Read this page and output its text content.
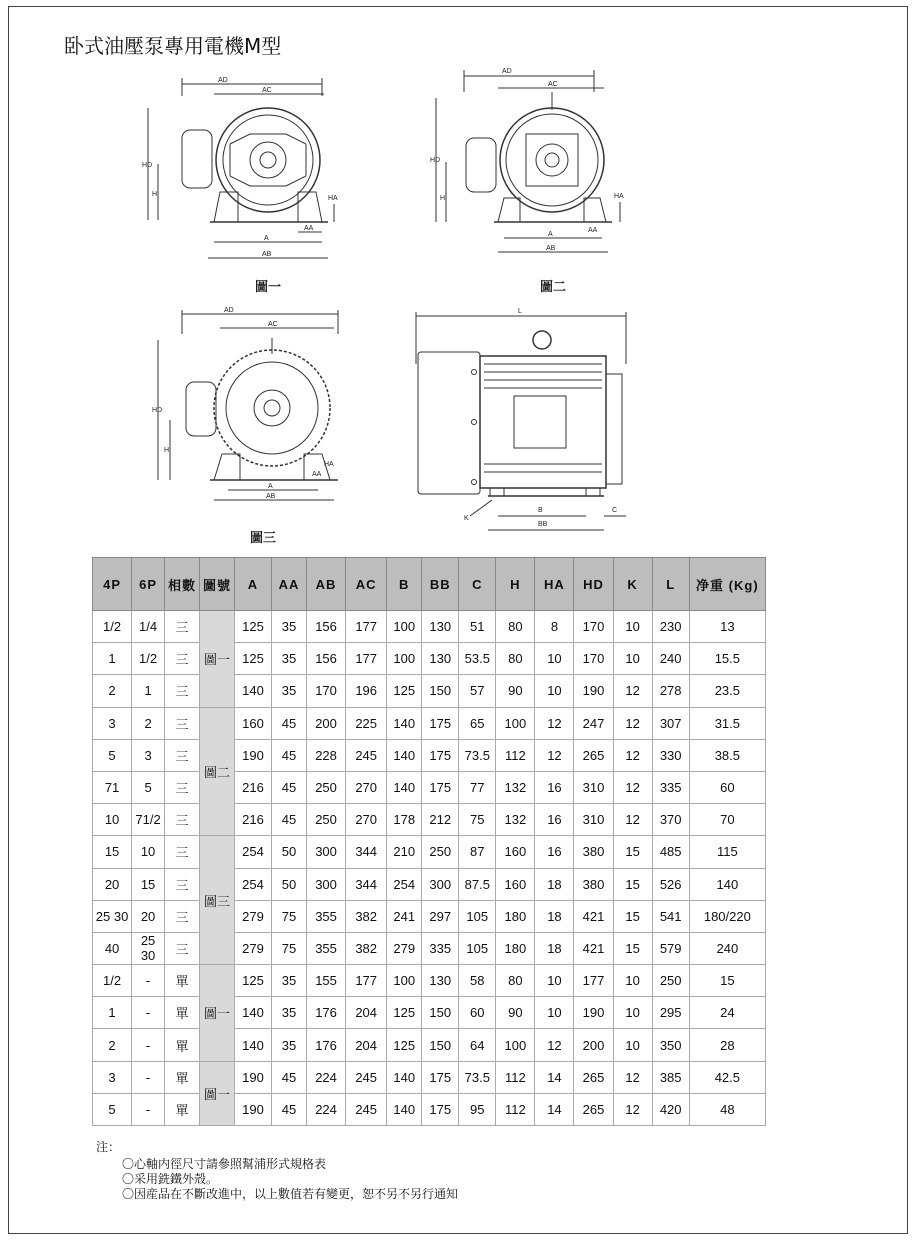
卧式油壓泵專用電機M型
AD
AC
HD
H
A
AB
AA
HA
圖一
AD
AC
HD
H
A
AB
AA
HA
圖二
AD
AC
HD
H
A
AB
AA
HA
圖三
L
B
BB
C
K
4P	6P	相數	圖號	A	AA	AB	AC	B	BB	C	H	HA	HD	K	L	净重 (Kg)
1/2	1/4	三	圖一	125	35	156	177	100	130	51	80	8	170	10	230	13
1	1/2	三		125	35	156	177	100	130	53.5	80	10	170	10	240	15.5
2	1	三		140	35	170	196	125	150	57	90	10	190	12	278	23.5
3	2	三	圖二	160	45	200	225	140	175	65	100	12	247	12	307	31.5
5	3	三		190	45	228	245	140	175	73.5	112	12	265	12	330	38.5
71	5	三		216	45	250	270	140	175	77	132	16	310	12	335	60
10	71/2	三		216	45	250	270	178	212	75	132	16	310	12	370	70
15	10	三	圖三	254	50	300	344	210	250	87	160	16	380	15	485	115
20	15	三		254	50	300	344	254	300	87.5	160	18	380	15	526	140
25 30	20	三		279	75	355	382	241	297	105	180	18	421	15	541	180/220
40	25 30	三		279	75	355	382	279	335	105	180	18	421	15	579	240
1/2	-	單	圖一	125	35	155	177	100	130	58	80	10	177	10	250	15
1	-	單		140	35	176	204	125	150	60	90	10	190	10	295	24
2	-	單		140	35	176	204	125	150	64	100	12	200	10	350	28
3	-	單	圖一	190	45	224	245	140	175	73.5	112	14	265	12	385	42.5
5	-	單		190	45	224	245	140	175	95	112	14	265	12	420	48
注：
〇心軸内徑尺寸請參照幫浦形式規格表
〇采用銑鐵外殼。
〇因産品在不斷改進中，以上數值若有變更，恕不另不另行通知
